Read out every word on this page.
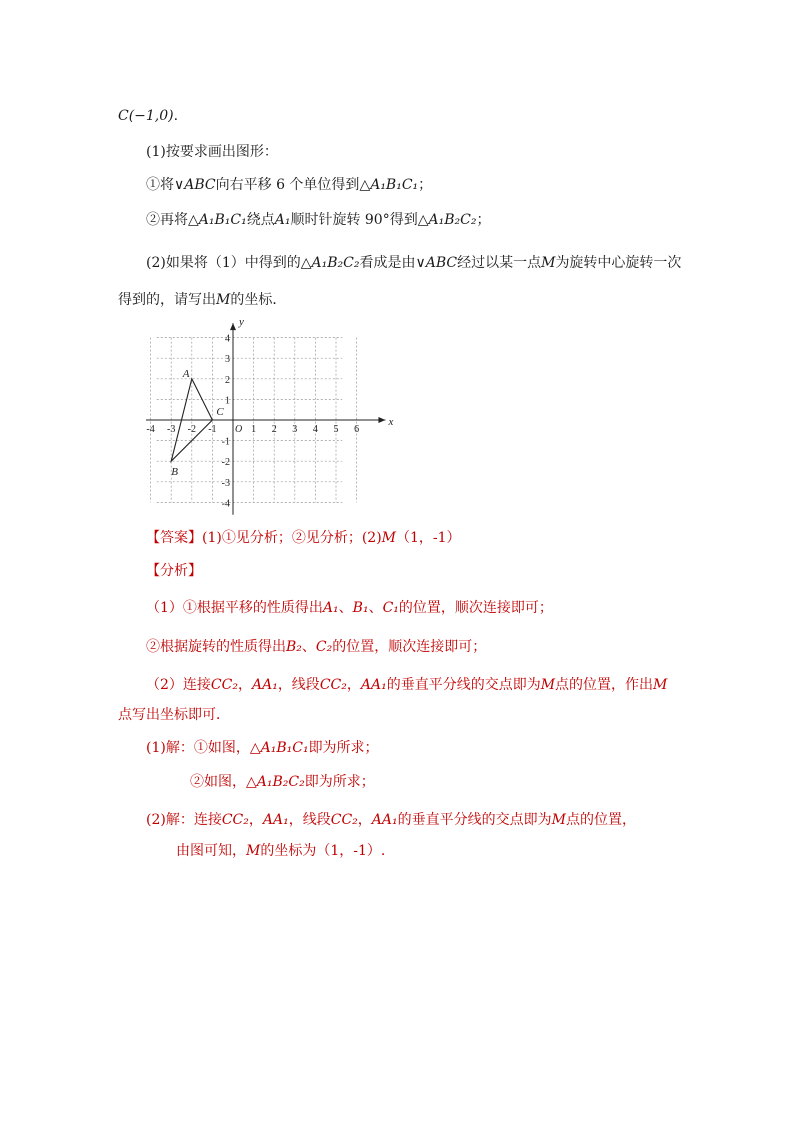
C(−1,0).
(1)按要求画出图形：
①将∨ABC向右平移 6 个单位得到△A₁B₁C₁；
②再将△A₁B₁C₁绕点A₁顺时针旋转 90°得到△A₁B₂C₂；
(2)如果将（1）中得到的△A₁B₂C₂看成是由∨ABC经过以某一点M为旋转中心旋转一次
得到的，请写出M的坐标．
x
y
O
-4 -3 -2 -1	1 2 3 4 5 6
4
3
2
1
-1
-2
-3
-4
A
B
C
【答案】(1)①见分析；②见分析；(2)M（1，-1）
【分析】
（1）①根据平移的性质得出A₁、B₁、C₁的位置，顺次连接即可；
②根据旋转的性质得出B₂、C₂的位置，顺次连接即可；
（2）连接CC₂，AA₁，线段CC₂，AA₁的垂直平分线的交点即为M点的位置，作出M
点写出坐标即可．
(1)解：①如图，△A₁B₁C₁即为所求；
②如图，△A₁B₂C₂即为所求；
(2)解：连接CC₂，AA₁，线段CC₂，AA₁的垂直平分线的交点即为M点的位置，
由图可知，M的坐标为（1，-1）.
